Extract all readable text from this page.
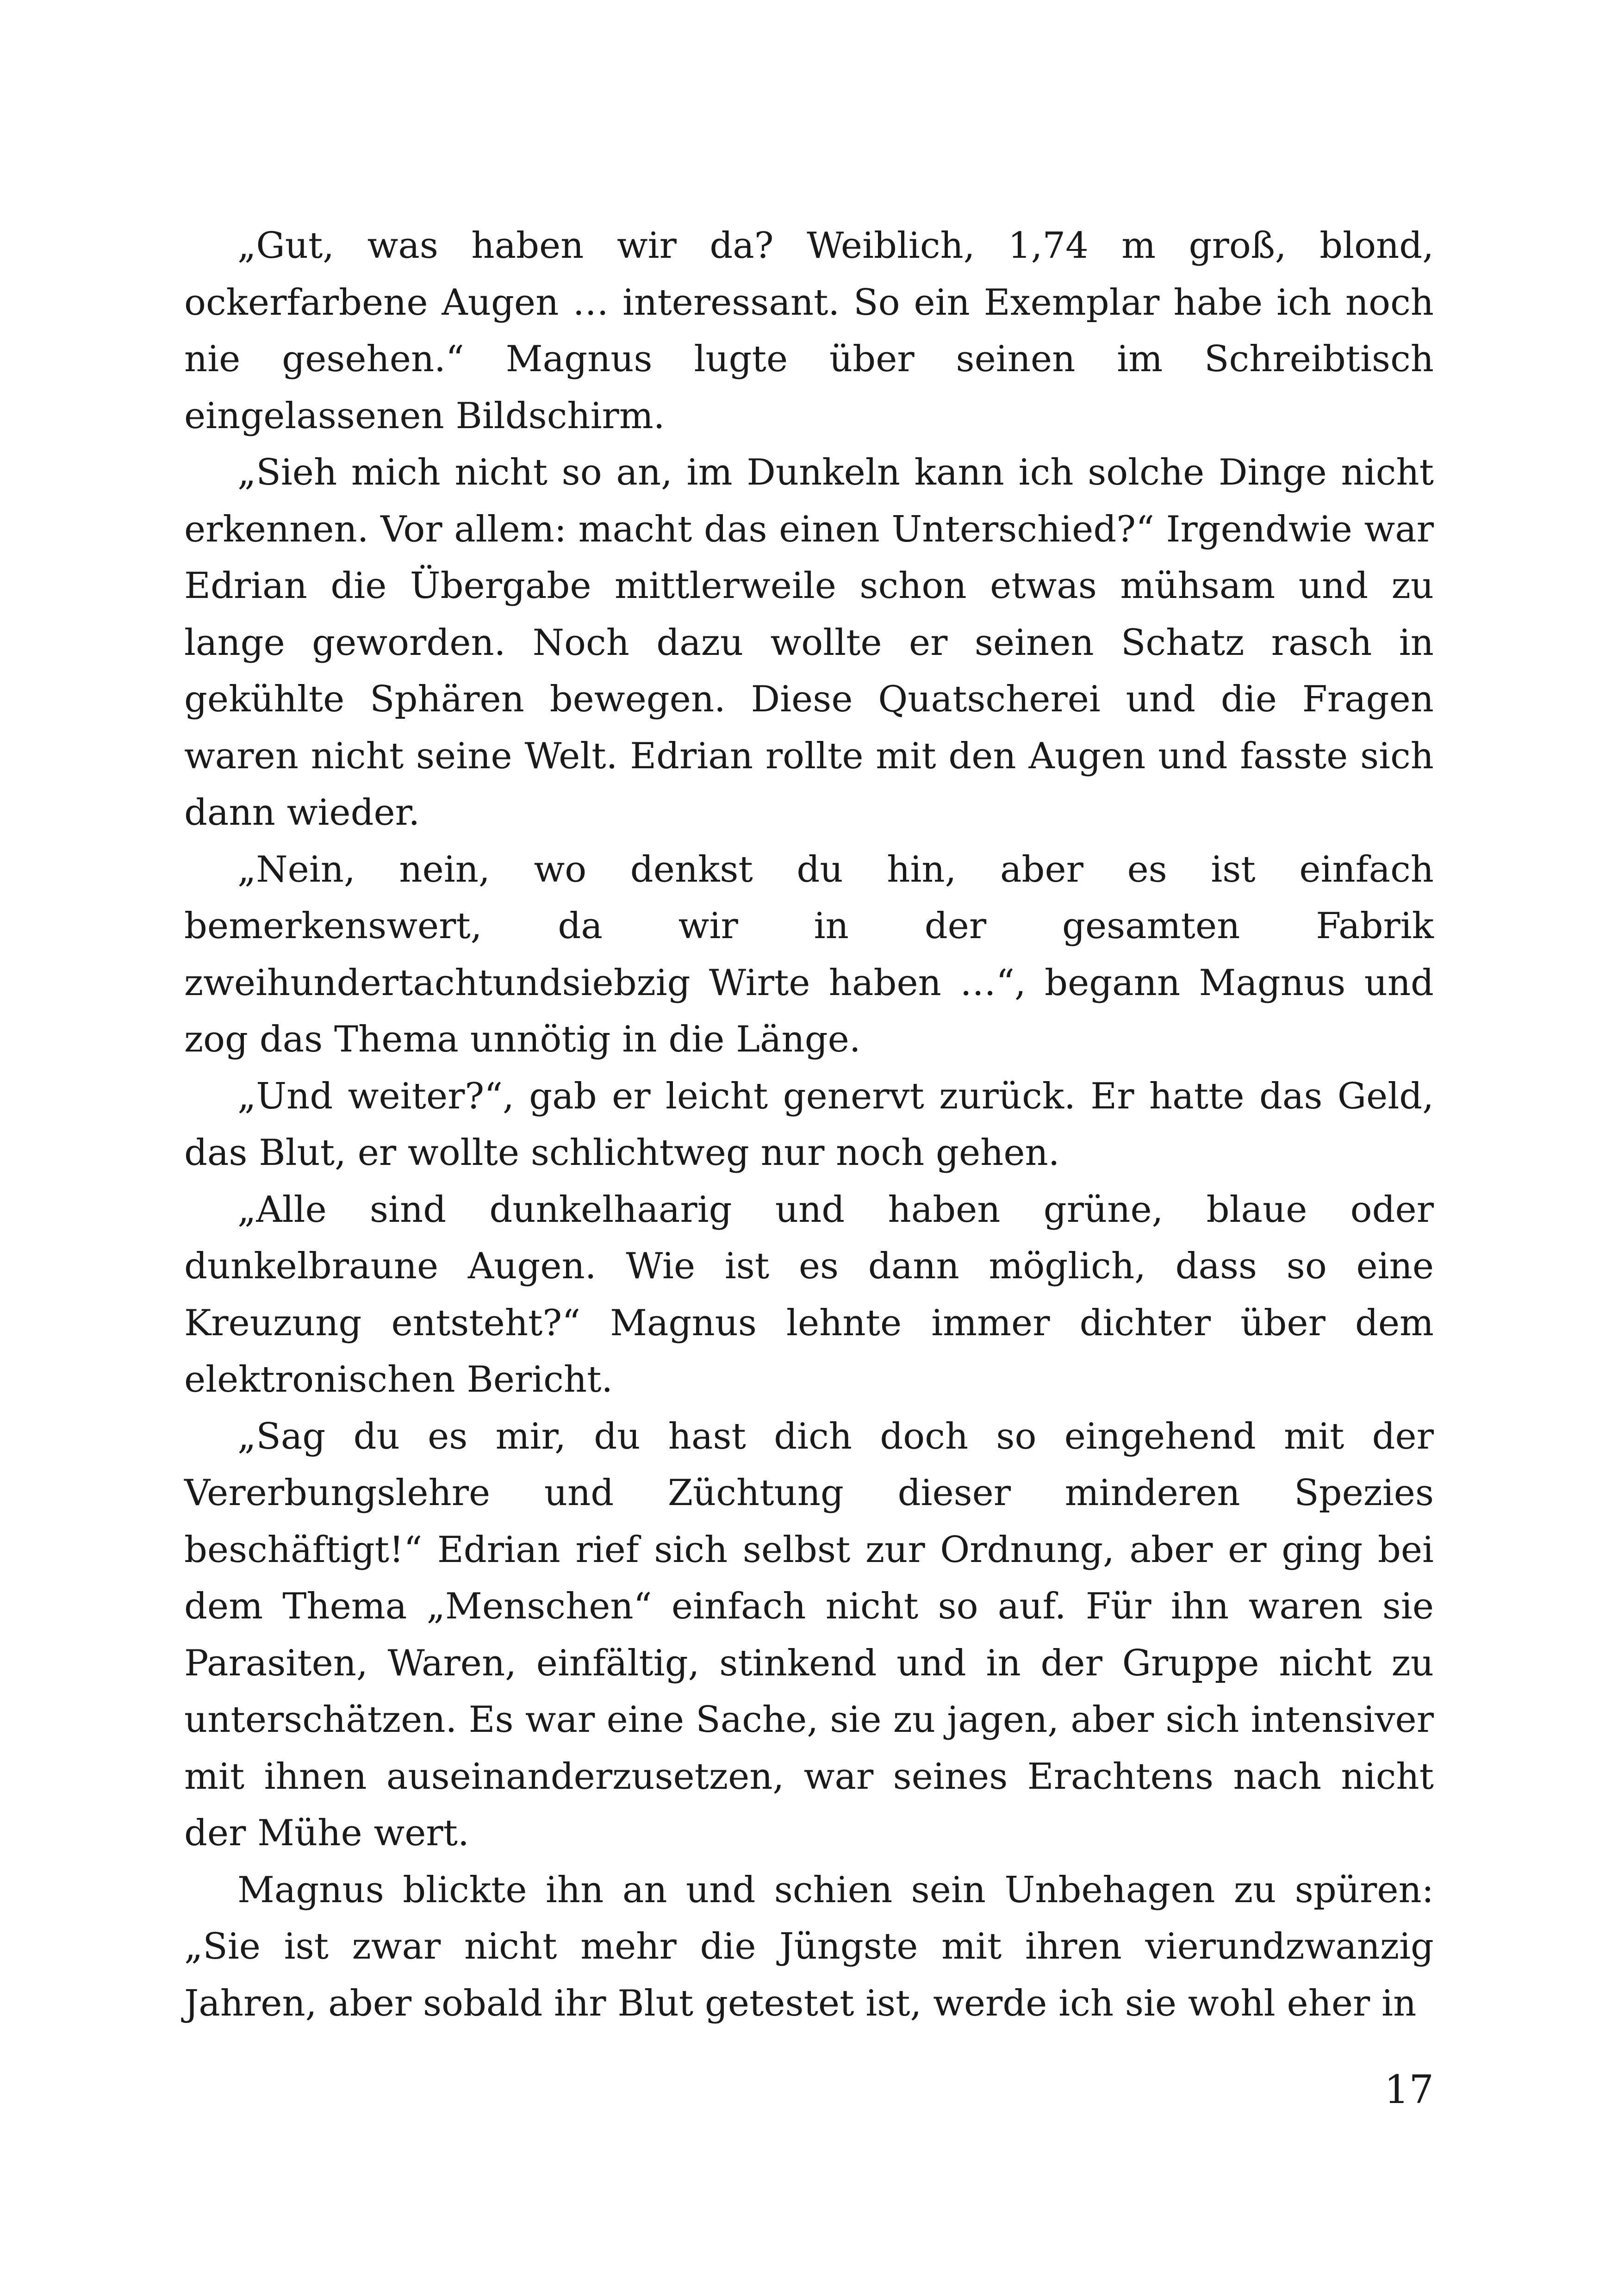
„Gut, was haben wir da? Weiblich, 1,74 m groß, blond, ockerfarbene Augen … interessant. So ein Exemplar habe ich noch nie gesehen.“ Magnus lugte über seinen im Schreibtisch eingelassenen Bildschirm.

„Sieh mich nicht so an, im Dunkeln kann ich solche Dinge nicht erkennen. Vor allem: macht das einen Unterschied?“ Irgendwie war Edrian die Übergabe mittlerweile schon etwas mühsam und zu lange geworden. Noch dazu wollte er seinen Schatz rasch in gekühlte Sphären bewegen. Diese Quatscherei und die Fragen waren nicht seine Welt. Edrian rollte mit den Augen und fasste sich dann wieder.

„Nein, nein, wo denkst du hin, aber es ist einfach bemerkenswert, da wir in der gesamten Fabrik zweihundertachtundsiebzig Wirte haben …“, begann Magnus und zog das Thema unnötig in die Länge.

„Und weiter?“, gab er leicht genervt zurück. Er hatte das Geld, das Blut, er wollte schlichtweg nur noch gehen.

„Alle sind dunkelhaarig und haben grüne, blaue oder dunkelbraune Augen. Wie ist es dann möglich, dass so eine Kreuzung entsteht?“ Magnus lehnte immer dichter über dem elektronischen Bericht.

„Sag du es mir, du hast dich doch so eingehend mit der Vererbungslehre und Züchtung dieser minderen Spezies beschäftigt!“ Edrian rief sich selbst zur Ordnung, aber er ging bei dem Thema „Menschen“ einfach nicht so auf. Für ihn waren sie Parasiten, Waren, einfältig, stinkend und in der Gruppe nicht zu unterschätzen. Es war eine Sache, sie zu jagen, aber sich intensiver mit ihnen auseinanderzusetzen, war seines Erachtens nach nicht der Mühe wert.

Magnus blickte ihn an und schien sein Unbehagen zu spüren: „Sie ist zwar nicht mehr die Jüngste mit ihren vierundzwanzig Jahren, aber sobald ihr Blut getestet ist, werde ich sie wohl eher in

17
